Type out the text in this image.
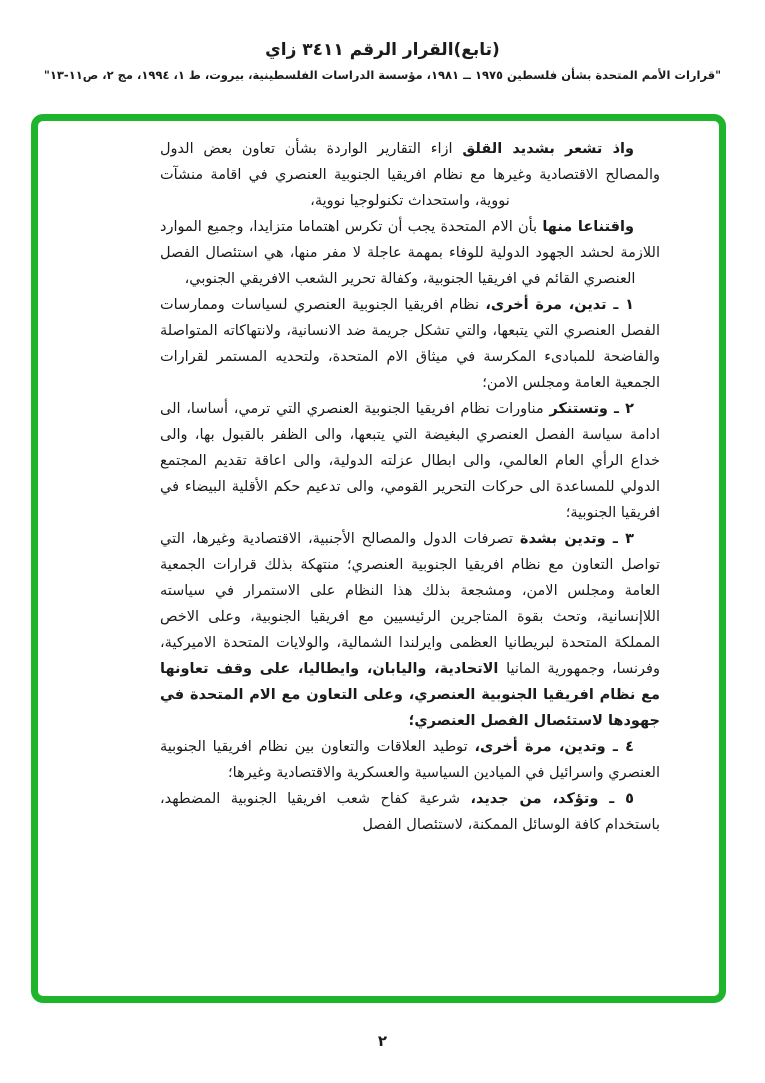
(تابع)القرار الرقم ٣٤١١ زاي
"قرارات الأمم المتحدة بشأن فلسطين ١٩٧٥ ــ ١٩٨١، مؤسسة الدراسات الفلسطينية، بيروت، ط ١، ١٩٩٤، مج ٢، ص١١-١٣"

واذ تشعر بشديد القلق ازاء التقارير الواردة بشأن تعاون بعض الدول والمصالح الاقتصادية وغيرها مع نظام افريقيا الجنوبية العنصري في اقامة منشآت نووية، واستحداث تكنولوجيا نووية،

واقتناعا منها بأن الام المتحدة يجب أن تكرس اهتماما متزايدا، وجميع الموارد اللازمة لحشد الجهود الدولية للوفاء بمهمة عاجلة لا مفر منها، هي استئصال الفصل العنصري القائم في افريقيا الجنوبية، وكفالة تحرير الشعب الافريقي الجنوبي،

١ ـ تدين، مرة أخرى، نظام افريقيا الجنوبية العنصري لسياسات وممارسات الفصل العنصري التي يتبعها، والتي تشكل جريمة ضد الانسانية، ولانتهاكاته المتواصلة والفاضحة للمبادىء المكرسة في ميثاق الام المتحدة، ولتحديه المستمر لقرارات الجمعية العامة ومجلس الامن؛

٢ ـ وتستنكر مناورات نظام افريقيا الجنوبية العنصري التي ترمي، أساسا، الى ادامة سياسة الفصل العنصري البغيضة التي يتبعها، والى الظفر بالقبول بها، والى خداع الرأي العام العالمي، والى ابطال عزلته الدولية، والى اعاقة تقديم المجتمع الدولي للمساعدة الى حركات التحرير القومي، والى تدعيم حكم الأقلية البيضاء في افريقيا الجنوبية؛

٣ ـ وتدين بشدة تصرفات الدول والمصالح الأجنبية، الاقتصادية وغيرها، التي تواصل التعاون مع نظام افريقيا الجنوبية العنصري؛ منتهكة بذلك قرارات الجمعية العامة ومجلس الامن، ومشجعة بذلك هذا النظام على الاستمرار في سياسته اللاإنسانية، وتحث بقوة المتاجرين الرئيسيين مع افريقيا الجنوبية، وعلى الاخص المملكة المتحدة لبريطانيا العظمى وايرلندا الشمالية، والولايات المتحدة الاميركية، وفرنسا، وجمهورية المانيا الاتحادية، واليابان، وايطاليا، على وقف تعاونها مع نظام افريقيا الجنوبية العنصري، وعلى التعاون مع الام المتحدة في جهودها لاستئصال الفصل العنصري؛

٤ ـ وتدين، مرة أخرى، توطيد العلاقات والتعاون بين نظام افريقيا الجنوبية العنصري واسرائيل في الميادين السياسية والعسكرية والاقتصادية وغيرها؛

٥ ـ وتؤكد، من جديد، شرعية كفاح شعب افريقيا الجنوبية المضطهد، باستخدام كافة الوسائل الممكنة، لاستئصال الفصل

٢
